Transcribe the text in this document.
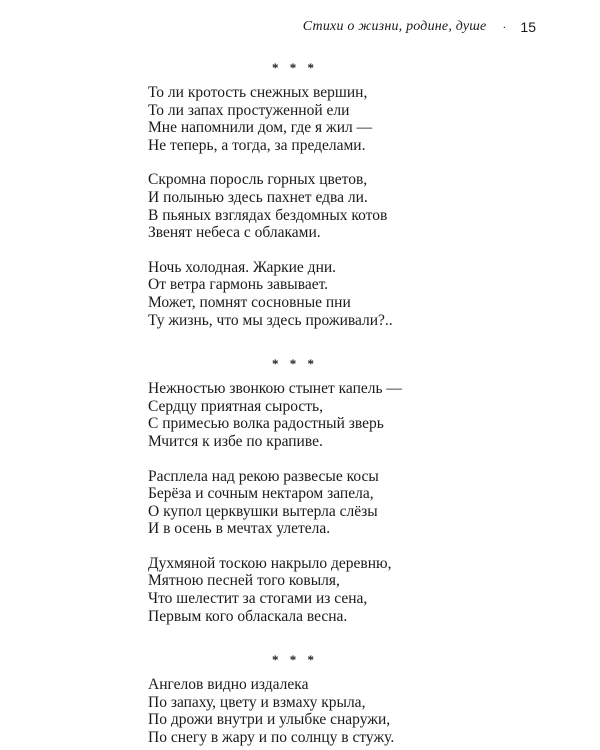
Стихи о жизни, родине, душе · 15
* * *
То ли кротость снежных вершин,
То ли запах простуженной ели
Мне напомнили дом, где я жил —
Не теперь, а тогда, за пределами.
Скромна поросль горных цветов,
И полынью здесь пахнет едва ли.
В пьяных взглядах бездомных котов
Звенят небеса с облаками.
Ночь холодная. Жаркие дни.
От ветра гармонь завывает.
Может, помнят сосновные пни
Ту жизнь, что мы здесь проживали?..
* * *
Нежностью звонкою стынет капель —
Сердцу приятная сырость,
С примесью волка радостный зверь
Мчится к избе по крапиве.
Расплела над рекою развесые косы
Берёза и сочным нектаром запела,
О купол церквушки вытерла слёзы
И в осень в мечтах улетела.
Духмяной тоскою накрыло деревню,
Мятною песней того ковыля,
Что шелестит за стогами из сена,
Первым кого обласкала весна.
* * *
Ангелов видно издалека
По запаху, цвету и взмаху крыла,
По дрожи внутри и улыбке снаружи,
По снегу в жару и по солнцу в стужу.
